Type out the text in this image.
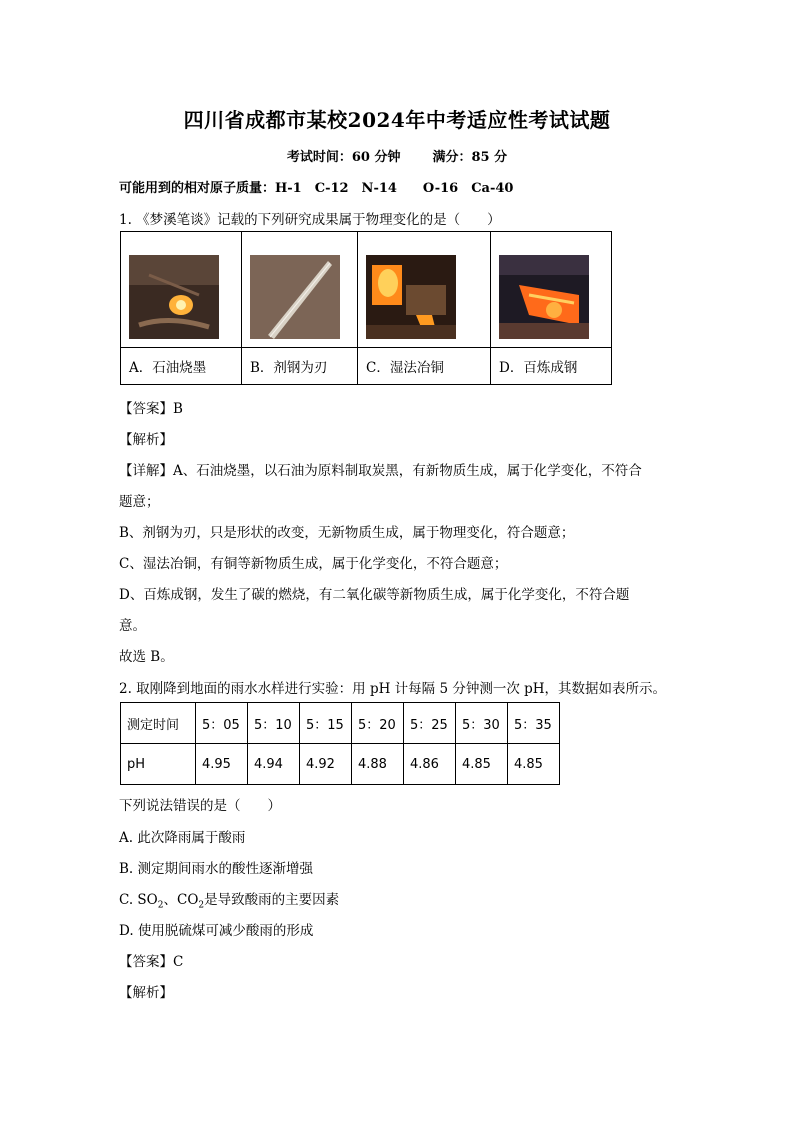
四川省成都市某校2024年中考适应性考试试题
考试时间：60 分钟 满分：85 分
可能用到的相对原子质量：H-1　C-12　N-14　　O-16　Ca-40
1. 《梦溪笔谈》记载的下列研究成果属于物理变化的是（　　）

A．石油烧墨	B．剂钢为刃	C．湿法冶铜	D．百炼成钢
【答案】B
【解析】
【详解】A、石油烧墨，以石油为原料制取炭黑，有新物质生成，属于化学变化，不符合
题意；
B、剂钢为刃，只是形状的改变，无新物质生成，属于物理变化，符合题意；
C、湿法冶铜，有铜等新物质生成，属于化学变化，不符合题意；
D、百炼成钢，发生了碳的燃烧，有二氧化碳等新物质生成，属于化学变化，不符合题
意。
故选 B。
2. 取刚降到地面的雨水水样进行实验：用 pH 计每隔 5 分钟测一次 pH，其数据如表所示。
测定时间	5：05	5：10	5：15	5：20	5：25	5：30	5：35
pH	4.95	4.94	4.92	4.88	4.86	4.85	4.85
下列说法错误的是（　　）
A. 此次降雨属于酸雨
B. 测定期间雨水的酸性逐渐增强
C. $SO_2$、$CO_2$是导致酸雨的主要因素
D. 使用脱硫煤可减少酸雨的形成
【答案】C
【解析】
